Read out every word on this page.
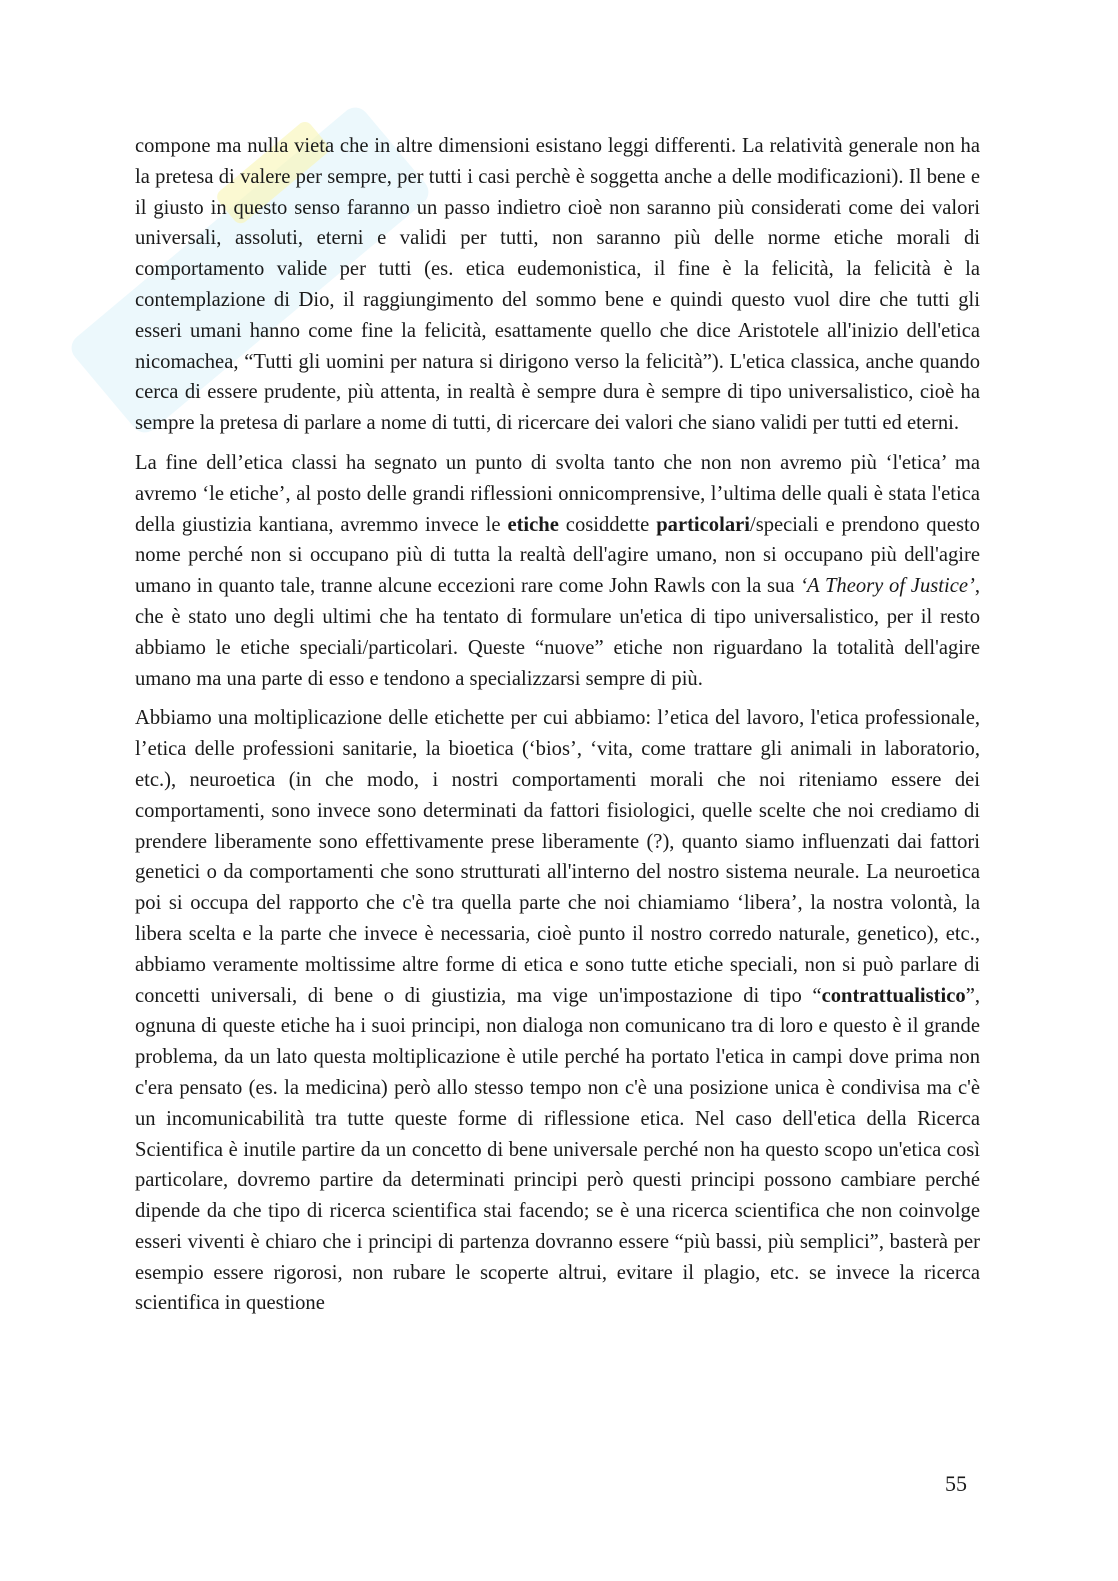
compone ma nulla vieta che in altre dimensioni esistano leggi differenti. La relatività generale non ha la pretesa di valere per sempre, per tutti i casi perchè è soggetta anche a delle modificazioni). Il bene e il giusto in questo senso faranno un passo indietro cioè non saranno più considerati come dei valori universali, assoluti, eterni e validi per tutti, non saranno più delle norme etiche morali di comportamento valide per tutti (es. etica eudemonistica, il fine è la felicità, la felicità è la contemplazione di Dio, il raggiungimento del sommo bene e quindi questo vuol dire che tutti gli esseri umani hanno come fine la felicità, esattamente quello che dice Aristotele all'inizio dell'etica nicomachea, “Tutti gli uomini per natura si dirigono verso la felicità”). L'etica classica, anche quando cerca di essere prudente, più attenta, in realtà è sempre dura è sempre di tipo universalistico, cioè ha sempre la pretesa di parlare a nome di tutti, di ricercare dei valori che siano validi per tutti ed eterni.

La fine dell’etica classi ha segnato un punto di svolta tanto che non non avremo più ‘l'etica’ ma avremo ‘le etiche’, al posto delle grandi riflessioni onnicomprensive, l’ultima delle quali è stata l'etica della giustizia kantiana, avremmo invece le etiche cosiddette particolari/speciali e prendono questo nome perché non si occupano più di tutta la realtà dell'agire umano, non si occupano più dell'agire umano in quanto tale, tranne alcune eccezioni rare come John Rawls con la sua ‘A Theory of Justice’, che è stato uno degli ultimi che ha tentato di formulare un'etica di tipo universalistico, per il resto abbiamo le etiche speciali/particolari. Queste “nuove” etiche non riguardano la totalità dell'agire umano ma una parte di esso e tendono a specializzarsi sempre di più.

Abbiamo una moltiplicazione delle etichette per cui abbiamo: l’etica del lavoro, l'etica professionale, l’etica delle professioni sanitarie, la bioetica (‘bios’, ‘vita, come trattare gli animali in laboratorio, etc.), neuroetica (in che modo, i nostri comportamenti morali che noi riteniamo essere dei comportamenti, sono invece sono determinati da fattori fisiologici, quelle scelte che noi crediamo di prendere liberamente sono effettivamente prese liberamente (?), quanto siamo influenzati dai fattori genetici o da comportamenti che sono strutturati all'interno del nostro sistema neurale. La neuroetica poi si occupa del rapporto che c'è tra quella parte che noi chiamiamo ‘libera’, la nostra volontà, la libera scelta e la parte che invece è necessaria, cioè punto il nostro corredo naturale, genetico), etc., abbiamo veramente moltissime altre forme di etica e sono tutte etiche speciali, non si può parlare di concetti universali, di bene o di giustizia, ma vige un'impostazione di tipo “contrattualistico”, ognuna di queste etiche ha i suoi principi, non dialoga non comunicano tra di loro e questo è il grande problema, da un lato questa moltiplicazione è utile perché ha portato l'etica in campi dove prima non c'era pensato (es. la medicina) però allo stesso tempo non c'è una posizione unica è condivisa ma c'è un incomunicabilità tra tutte queste forme di riflessione etica. Nel caso dell'etica della Ricerca Scientifica è inutile partire da un concetto di bene universale perché non ha questo scopo un'etica così particolare, dovremo partire da determinati principi però questi principi possono cambiare perché dipende da che tipo di ricerca scientifica stai facendo; se è una ricerca scientifica che non coinvolge esseri viventi è chiaro che i principi di partenza dovranno essere “più bassi, più semplici”, basterà per esempio essere rigorosi, non rubare le scoperte altrui, evitare il plagio, etc. se invece la ricerca scientifica in questione

55
